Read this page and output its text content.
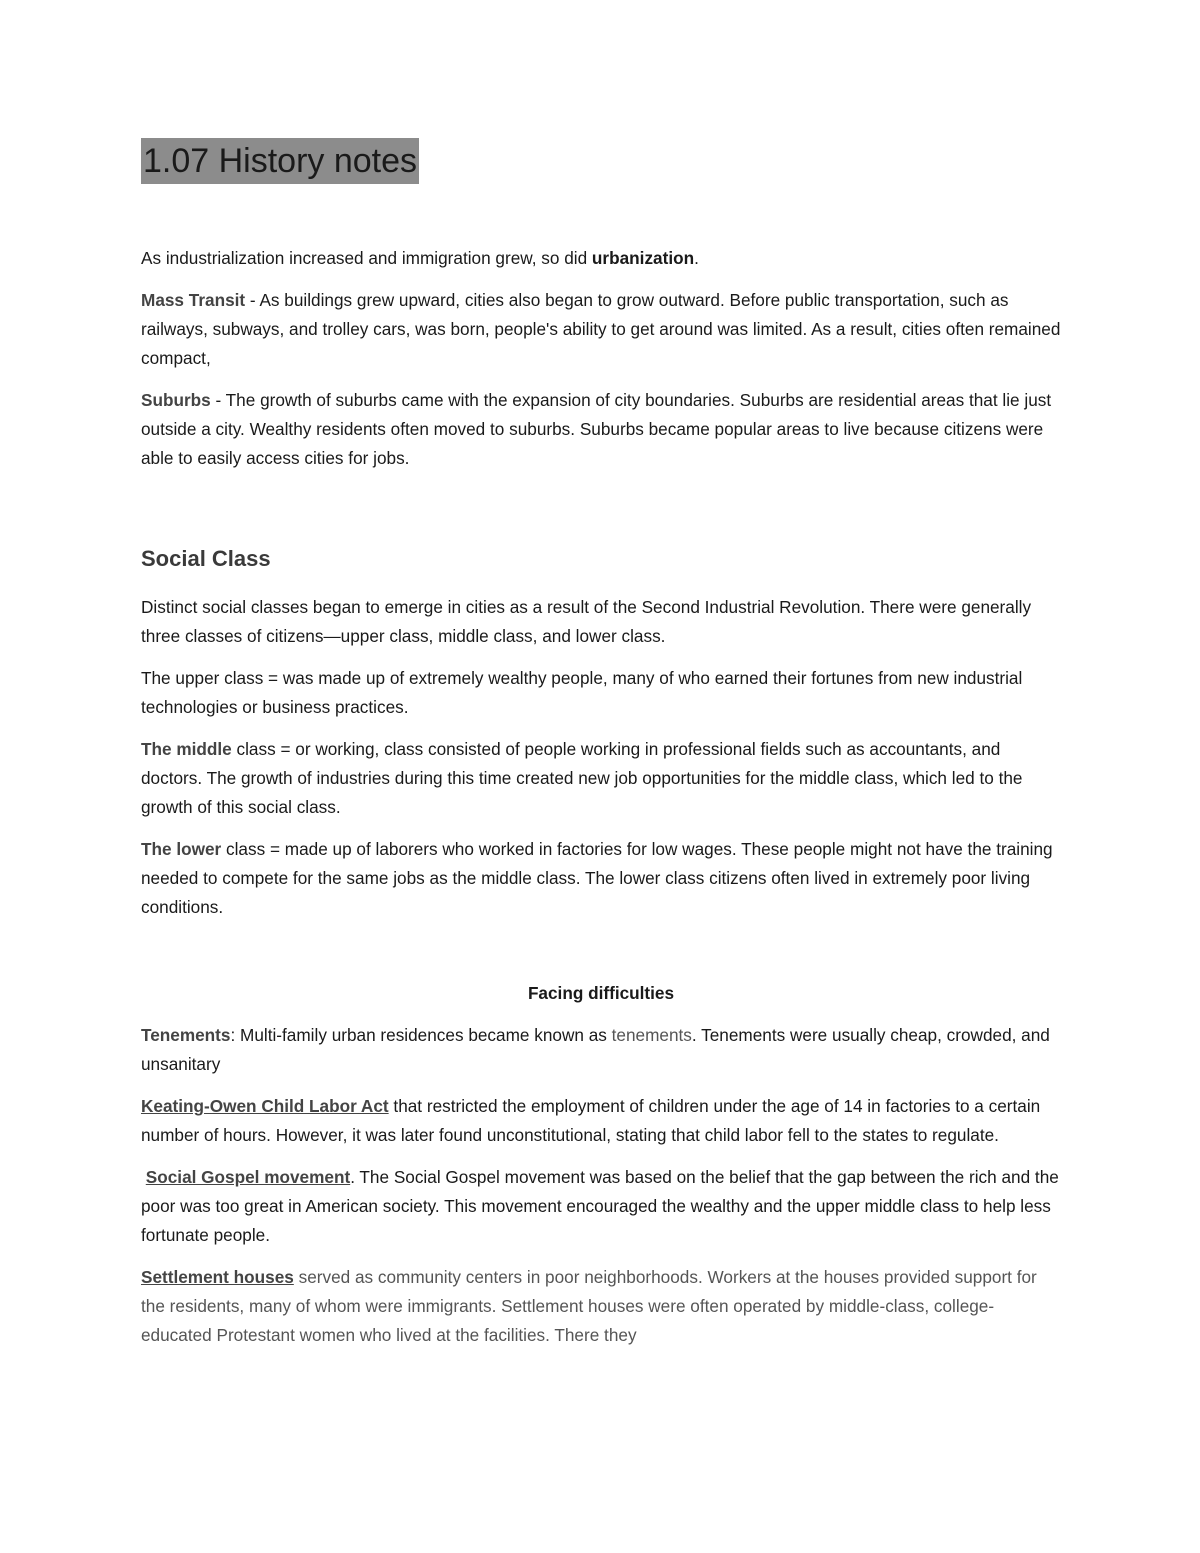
1.07 History notes

As industrialization increased and immigration grew, so did urbanization.

Mass Transit - As buildings grew upward, cities also began to grow outward. Before public transportation, such as railways, subways, and trolley cars, was born, people's ability to get around was limited. As a result, cities often remained compact,

Suburbs - The growth of suburbs came with the expansion of city boundaries. Suburbs are residential areas that lie just outside a city. Wealthy residents often moved to suburbs. Suburbs became popular areas to live because citizens were able to easily access cities for jobs.

Social Class

Distinct social classes began to emerge in cities as a result of the Second Industrial Revolution. There were generally three classes of citizens—upper class, middle class, and lower class.

The upper class = was made up of extremely wealthy people, many of who earned their fortunes from new industrial technologies or business practices.

The middle class = or working, class consisted of people working in professional fields such as accountants, and doctors. The growth of industries during this time created new job opportunities for the middle class, which led to the growth of this social class.

The lower class = made up of laborers who worked in factories for low wages. These people might not have the training needed to compete for the same jobs as the middle class. The lower class citizens often lived in extremely poor living conditions.

Facing difficulties

Tenements: Multi-family urban residences became known as tenements. Tenements were usually cheap, crowded, and unsanitary

Keating-Owen Child Labor Act that restricted the employment of children under the age of 14 in factories to a certain number of hours. However, it was later found unconstitutional, stating that child labor fell to the states to regulate.

Social Gospel movement. The Social Gospel movement was based on the belief that the gap between the rich and the poor was too great in American society. This movement encouraged the wealthy and the upper middle class to help less fortunate people.

Settlement houses served as community centers in poor neighborhoods. Workers at the houses provided support for the residents, many of whom were immigrants. Settlement houses were often operated by middle-class, college-educated Protestant women who lived at the facilities. There they
